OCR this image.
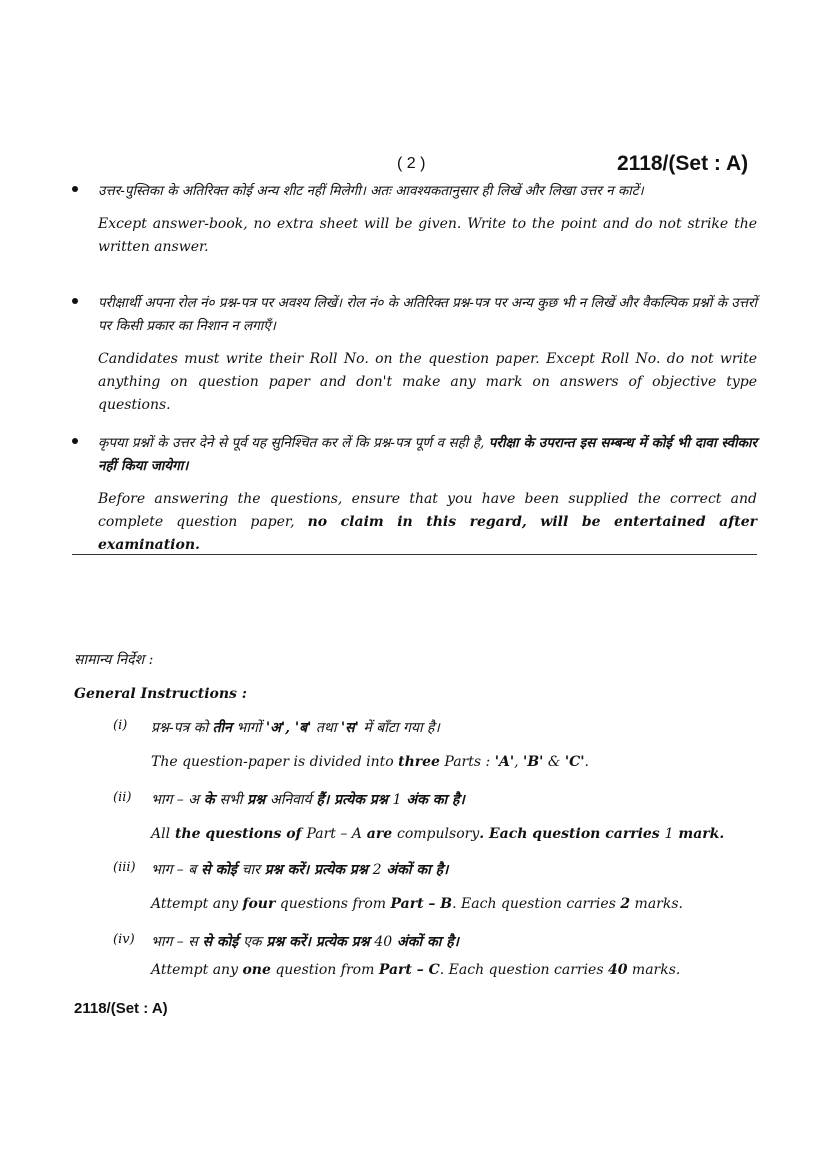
( 2 )	2118/(Set : A)
उत्तर-पुस्तिका के अतिरिक्त कोई अन्य शीट नहीं मिलेगी। अतः आवश्यकतानुसार ही लिखें और लिखा उत्तर न काटें।
Except answer-book, no extra sheet will be given. Write to the point and do not strike the written answer.
परीक्षार्थी अपना रोल नं० प्रश्न-पत्र पर अवश्य लिखें। रोल नं० के अतिरिक्त प्रश्न-पत्र पर अन्य कुछ भी न लिखें और वैकल्पिक प्रश्नों के उत्तरों पर किसी प्रकार का निशान न लगाएँ।
Candidates must write their Roll No. on the question paper. Except Roll No. do not write anything on question paper and don't make any mark on answers of objective type questions.
कृपया प्रश्नों के उत्तर देने से पूर्व यह सुनिश्चित कर लें कि प्रश्न-पत्र पूर्ण व सही है, परीक्षा के उपरान्त इस सम्बन्ध में कोई भी दावा स्वीकार नहीं किया जायेगा।
Before answering the questions, ensure that you have been supplied the correct and complete question paper, no claim in this regard, will be entertained after examination.
सामान्य निर्देश :
General Instructions :
(i) प्रश्न-पत्र को तीन भागों 'अ', 'ब' तथा 'स' में बाँटा गया है।
The question-paper is divided into three Parts : 'A', 'B' & 'C'.
(ii) भाग – अ के सभी प्रश्न अनिवार्य हैं। प्रत्येक प्रश्न 1 अंक का है।
All the questions of Part – A are compulsory. Each question carries 1 mark.
(iii) भाग – ब से कोई चार प्रश्न करें। प्रत्येक प्रश्न 2 अंकों का है।
Attempt any four questions from Part – B. Each question carries 2 marks.
(iv) भाग – स से कोई एक प्रश्न करें। प्रत्येक प्रश्न 40 अंकों का है।
Attempt any one question from Part – C. Each question carries 40 marks.
2118/(Set : A)
